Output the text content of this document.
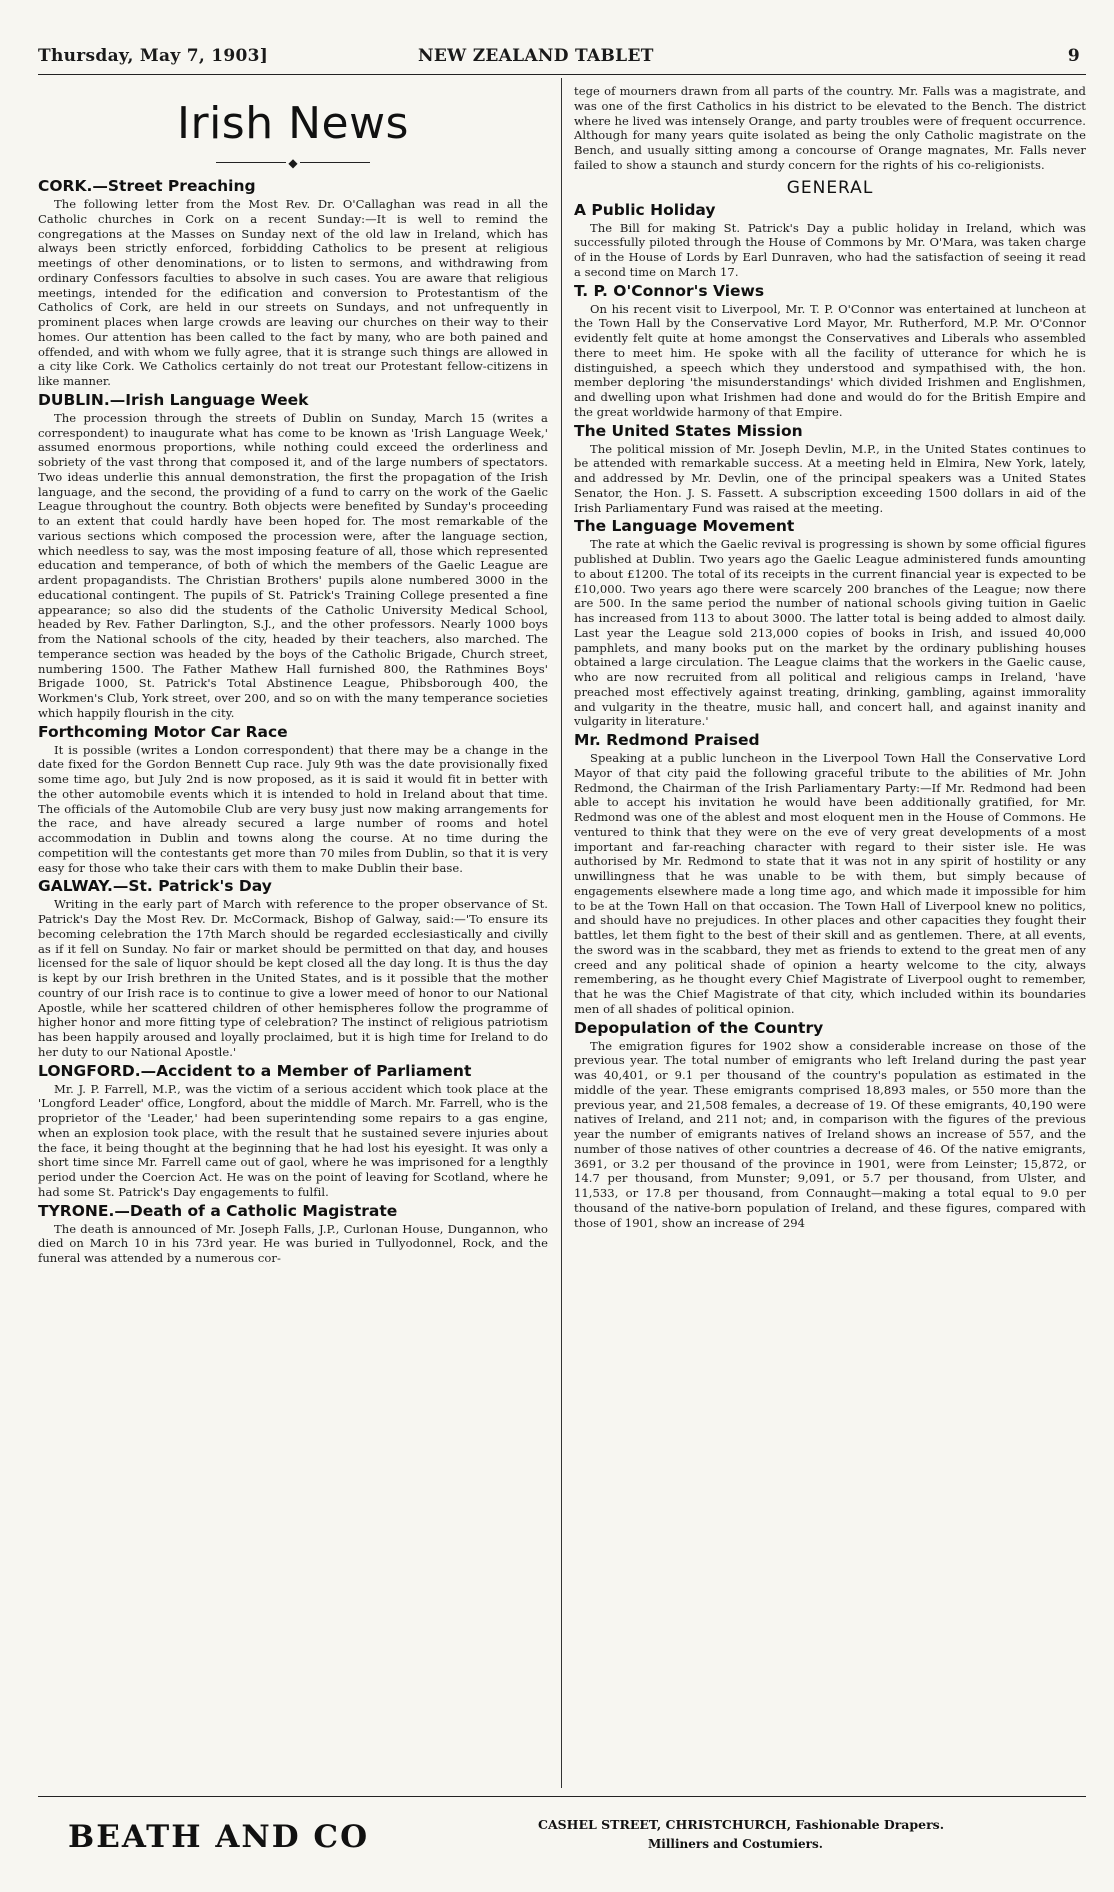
Thursday, May 7, 1903]	NEW ZEALAND TABLET	9
Irish News
◆
CORK.—Street Preaching

The following letter from the Most Rev. Dr. O'Callaghan was read in all the Catholic churches in Cork on a recent Sunday:—It is well to remind the congregations at the Masses on Sunday next of the old law in Ireland, which has always been strictly enforced, forbidding Catholics to be present at religious meetings of other denominations, or to listen to sermons, and withdrawing from ordinary Confessors faculties to absolve in such cases. You are aware that religious meetings, intended for the edification and conversion to Protestantism of the Catholics of Cork, are held in our streets on Sundays, and not unfrequently in prominent places when large crowds are leaving our churches on their way to their homes. Our attention has been called to the fact by many, who are both pained and offended, and with whom we fully agree, that it is strange such things are allowed in a city like Cork. We Catholics certainly do not treat our Protestant fellow-citizens in like manner.

DUBLIN.—Irish Language Week

The procession through the streets of Dublin on Sunday, March 15 (writes a correspondent) to inaugurate what has come to be known as 'Irish Language Week,' assumed enormous proportions, while nothing could exceed the orderliness and sobriety of the vast throng that composed it, and of the large numbers of spectators. Two ideas underlie this annual demonstration, the first the propagation of the Irish language, and the second, the providing of a fund to carry on the work of the Gaelic League throughout the country. Both objects were benefited by Sunday's proceeding to an extent that could hardly have been hoped for. The most remarkable of the various sections which composed the procession were, after the language section, which needless to say, was the most imposing feature of all, those which represented education and temperance, of both of which the members of the Gaelic League are ardent propagandists. The Christian Brothers' pupils alone numbered 3000 in the educational contingent. The pupils of St. Patrick's Training College presented a fine appearance; so also did the students of the Catholic University Medical School, headed by Rev. Father Darlington, S.J., and the other professors. Nearly 1000 boys from the National schools of the city, headed by their teachers, also marched. The temperance section was headed by the boys of the Catholic Brigade, Church street, numbering 1500. The Father Mathew Hall furnished 800, the Rathmines Boys' Brigade 1000, St. Patrick's Total Abstinence League, Phibsborough 400, the Workmen's Club, York street, over 200, and so on with the many temperance societies which happily flourish in the city.

Forthcoming Motor Car Race

It is possible (writes a London correspondent) that there may be a change in the date fixed for the Gordon Bennett Cup race. July 9th was the date provisionally fixed some time ago, but July 2nd is now proposed, as it is said it would fit in better with the other automobile events which it is intended to hold in Ireland about that time. The officials of the Automobile Club are very busy just now making arrangements for the race, and have already secured a large number of rooms and hotel accommodation in Dublin and towns along the course. At no time during the competition will the contestants get more than 70 miles from Dublin, so that it is very easy for those who take their cars with them to make Dublin their base.

GALWAY.—St. Patrick's Day

Writing in the early part of March with reference to the proper observance of St. Patrick's Day the Most Rev. Dr. McCormack, Bishop of Galway, said:—'To ensure its becoming celebration the 17th March should be regarded ecclesiastically and civilly as if it fell on Sunday. No fair or market should be permitted on that day, and houses licensed for the sale of liquor should be kept closed all the day long. It is thus the day is kept by our Irish brethren in the United States, and is it possible that the mother country of our Irish race is to continue to give a lower meed of honor to our National Apostle, while her scattered children of other hemispheres follow the programme of higher honor and more fitting type of celebration? The instinct of religious patriotism has been happily aroused and loyally proclaimed, but it is high time for Ireland to do her duty to our National Apostle.'

LONGFORD.—Accident to a Member of Parliament

Mr. J. P. Farrell, M.P., was the victim of a serious accident which took place at the 'Longford Leader' office, Longford, about the middle of March. Mr. Farrell, who is the proprietor of the 'Leader,' had been superintending some repairs to a gas engine, when an explosion took place, with the result that he sustained severe injuries about the face, it being thought at the beginning that he had lost his eyesight. It was only a short time since Mr. Farrell came out of gaol, where he was imprisoned for a lengthly period under the Coercion Act. He was on the point of leaving for Scotland, where he had some St. Patrick's Day engagements to fulfil.

TYRONE.—Death of a Catholic Magistrate

The death is announced of Mr. Joseph Falls, J.P., Curlonan House, Dungannon, who died on March 10 in his 73rd year. He was buried in Tullyodonnel, Rock, and the funeral was attended by a numerous cor-

tege of mourners drawn from all parts of the country. Mr. Falls was a magistrate, and was one of the first Catholics in his district to be elevated to the Bench. The district where he lived was intensely Orange, and party troubles were of frequent occurrence. Although for many years quite isolated as being the only Catholic magistrate on the Bench, and usually sitting among a concourse of Orange magnates, Mr. Falls never failed to show a staunch and sturdy concern for the rights of his co-religionists.

GENERAL
A Public Holiday

The Bill for making St. Patrick's Day a public holiday in Ireland, which was successfully piloted through the House of Commons by Mr. O'Mara, was taken charge of in the House of Lords by Earl Dunraven, who had the satisfaction of seeing it read a second time on March 17.

T. P. O'Connor's Views

On his recent visit to Liverpool, Mr. T. P. O'Connor was entertained at luncheon at the Town Hall by the Conservative Lord Mayor, Mr. Rutherford, M.P. Mr. O'Connor evidently felt quite at home amongst the Conservatives and Liberals who assembled there to meet him. He spoke with all the facility of utterance for which he is distinguished, a speech which they understood and sympathised with, the hon. member deploring 'the misunderstandings' which divided Irishmen and Englishmen, and dwelling upon what Irishmen had done and would do for the British Empire and the great worldwide harmony of that Empire.

The United States Mission

The political mission of Mr. Joseph Devlin, M.P., in the United States continues to be attended with remarkable success. At a meeting held in Elmira, New York, lately, and addressed by Mr. Devlin, one of the principal speakers was a United States Senator, the Hon. J. S. Fassett. A subscription exceeding 1500 dollars in aid of the Irish Parliamentary Fund was raised at the meeting.

The Language Movement

The rate at which the Gaelic revival is progressing is shown by some official figures published at Dublin. Two years ago the Gaelic League administered funds amounting to about £1200. The total of its receipts in the current financial year is expected to be £10,000. Two years ago there were scarcely 200 branches of the League; now there are 500. In the same period the number of national schools giving tuition in Gaelic has increased from 113 to about 3000. The latter total is being added to almost daily. Last year the League sold 213,000 copies of books in Irish, and issued 40,000 pamphlets, and many books put on the market by the ordinary publishing houses obtained a large circulation. The League claims that the workers in the Gaelic cause, who are now recruited from all political and religious camps in Ireland, 'have preached most effectively against treating, drinking, gambling, against immorality and vulgarity in the theatre, music hall, and concert hall, and against inanity and vulgarity in literature.'

Mr. Redmond Praised

Speaking at a public luncheon in the Liverpool Town Hall the Conservative Lord Mayor of that city paid the following graceful tribute to the abilities of Mr. John Redmond, the Chairman of the Irish Parliamentary Party:—If Mr. Redmond had been able to accept his invitation he would have been additionally gratified, for Mr. Redmond was one of the ablest and most eloquent men in the House of Commons. He ventured to think that they were on the eve of very great developments of a most important and far-reaching character with regard to their sister isle. He was authorised by Mr. Redmond to state that it was not in any spirit of hostility or any unwillingness that he was unable to be with them, but simply because of engagements elsewhere made a long time ago, and which made it impossible for him to be at the Town Hall on that occasion. The Town Hall of Liverpool knew no politics, and should have no prejudices. In other places and other capacities they fought their battles, let them fight to the best of their skill and as gentlemen. There, at all events, the sword was in the scabbard, they met as friends to extend to the great men of any creed and any political shade of opinion a hearty welcome to the city, always remembering, as he thought every Chief Magistrate of Liverpool ought to remember, that he was the Chief Magistrate of that city, which included within its boundaries men of all shades of political opinion.

Depopulation of the Country

The emigration figures for 1902 show a considerable increase on those of the previous year. The total number of emigrants who left Ireland during the past year was 40,401, or 9.1 per thousand of the country's population as estimated in the middle of the year. These emigrants comprised 18,893 males, or 550 more than the previous year, and 21,508 females, a decrease of 19. Of these emigrants, 40,190 were natives of Ireland, and 211 not; and, in comparison with the figures of the previous year the number of emigrants natives of Ireland shows an increase of 557, and the number of those natives of other countries a decrease of 46. Of the native emigrants, 3691, or 3.2 per thousand of the province in 1901, were from Leinster; 15,872, or 14.7 per thousand, from Munster; 9,091, or 5.7 per thousand, from Ulster, and 11,533, or 17.8 per thousand, from Connaught—making a total equal to 9.0 per thousand of the native-born population of Ireland, and these figures, compared with those of 1901, show an increase of 294

BEATH AND CO	CASHEL STREET, CHRISTCHURCH, Fashionable Drapers.
Milliners and Costumiers.
